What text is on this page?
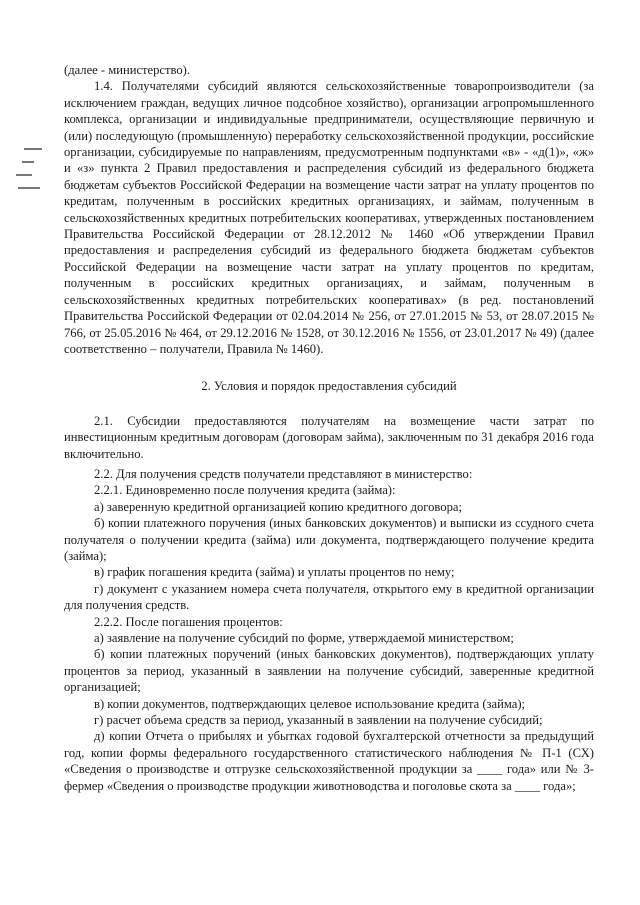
(далее - министерство).

1.4. Получателями субсидий являются сельскохозяйственные товаропроизводители (за исключением граждан, ведущих личное подсобное хозяйство), организации агропромышленного комплекса, организации и индивидуальные предприниматели, осуществляющие первичную и (или) последующую (промышленную) переработку сельскохозяйственной продукции, российские организации, субсидируемые по направлениям, предусмотренным подпунктами «в» - «д(1)», «ж» и «з» пункта 2 Правил предоставления и распределения субсидий из федерального бюджета бюджетам субъектов Российской Федерации на возмещение части затрат на уплату процентов по кредитам, полученным в российских кредитных организациях, и займам, полученным в сельскохозяйственных кредитных потребительских кооперативах, утвержденных постановлением Правительства Российской Федерации от 28.12.2012 № 1460 «Об утверждении Правил предоставления и распределения субсидий из федерального бюджета бюджетам субъектов Российской Федерации на возмещение части затрат на уплату процентов по кредитам, полученным в российских кредитных организациях, и займам, полученным в сельскохозяйственных кредитных потребительских кооперативах» (в ред. постановлений Правительства Российской Федерации от 02.04.2014 № 256, от 27.01.2015 № 53, от 28.07.2015 № 766, от 25.05.2016 № 464, от 29.12.2016 № 1528, от 30.12.2016 № 1556, от 23.01.2017 № 49) (далее соответственно – получатели, Правила № 1460).

2. Условия и порядок предоставления субсидий

2.1. Субсидии предоставляются получателям на возмещение части затрат по инвестиционным кредитным договорам (договорам займа), заключенным по 31 декабря 2016 года включительно.

2.2. Для получения средств получатели представляют в министерство:

2.2.1. Единовременно после получения кредита (займа):

а) заверенную кредитной организацией копию кредитного договора;

б) копии платежного поручения (иных банковских документов) и выписки из ссудного счета получателя о получении кредита (займа) или документа, подтверждающего получение кредита (займа);

в) график погашения кредита (займа) и уплаты процентов по нему;

г) документ с указанием номера счета получателя, открытого ему в кредитной организации для получения средств.

2.2.2. После погашения процентов:

а) заявление на получение субсидий по форме, утверждаемой министерством;

б) копии платежных поручений (иных банковских документов), подтверждающих уплату процентов за период, указанный в заявлении на получение субсидий, заверенные кредитной организацией;

в) копии документов, подтверждающих целевое использование кредита (займа);

г) расчет объема средств за период, указанный в заявлении на получение субсидий;

д) копии Отчета о прибылях и убытках годовой бухгалтерской отчетности за предыдущий год, копии формы федерального государственного статистического наблюдения № П-1 (СХ) «Сведения о производстве и отгрузке сельскохозяйственной продукции за ____ года» или № 3-фермер «Сведения о производстве продукции животноводства и поголовье скота за ____ года»;
